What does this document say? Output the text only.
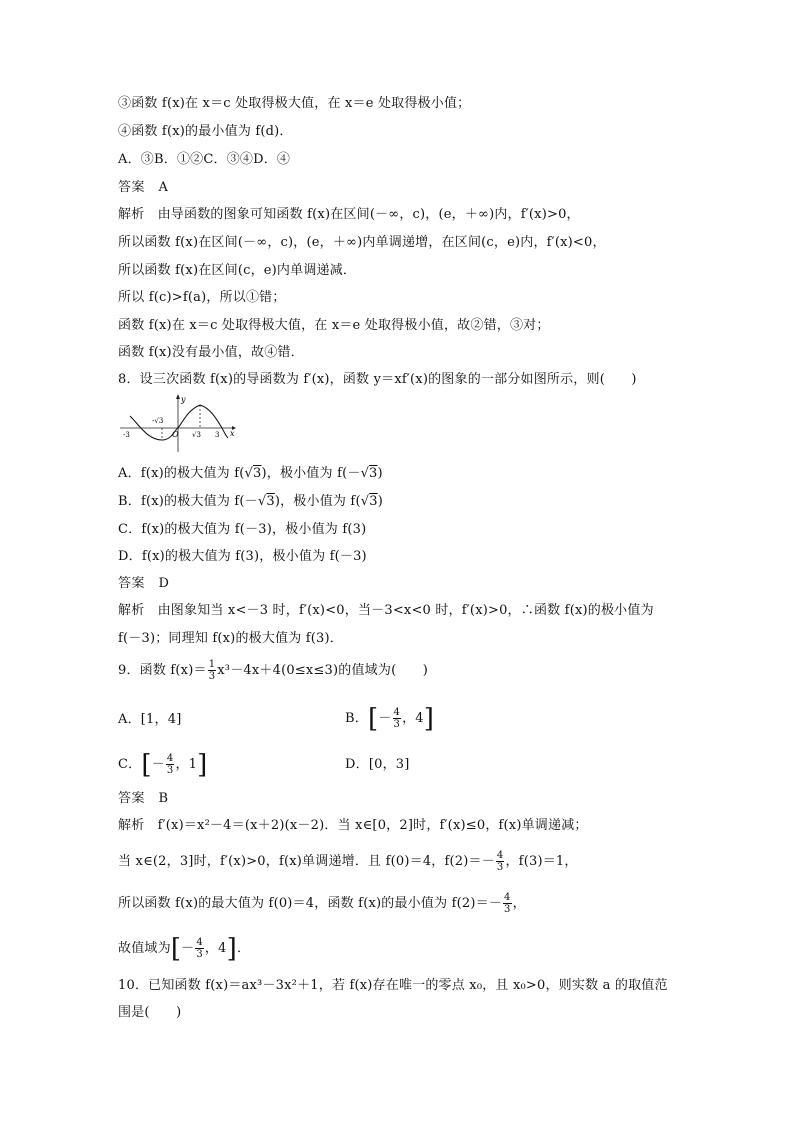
③函数 f(x)在 x＝c 处取得极大值，在 x＝e 处取得极小值；
④函数 f(x)的最小值为 f(d)．
A．③B．①②C．③④D．④
答案　A
解析　由导函数的图象可知函数 f(x)在区间(－∞，c)，(e，＋∞)内，f′(x)>0，
所以函数 f(x)在区间(－∞，c)，(e，＋∞)内单调递增，在区间(c，e)内，f′(x)<0，
所以函数 f(x)在区间(c，e)内单调递减．
所以 f(c)>f(a)，所以①错；
函数 f(x)在 x＝c 处取得极大值，在 x＝e 处取得极小值，故②错，③对；
函数 f(x)没有最小值，故④错．
8．设三次函数 f(x)的导函数为 f′(x)，函数 y＝xf′(x)的图象的一部分如图所示，则(　　)
y
x
O
-3
-√3
√3 3
A．f(x)的极大值为 f(√3)，极小值为 f(－√3)
B．f(x)的极大值为 f(－√3)，极小值为 f(√3)
C．f(x)的极大值为 f(－3)，极小值为 f(3)
D．f(x)的极大值为 f(3)，极小值为 f(－3)
答案　D
解析　由图象知当 x<－3 时，f′(x)<0，当－3<x<0 时，f′(x)>0，∴函数 f(x)的极小值为
f(－3)；同理知 f(x)的极大值为 f(3)．
9．函数 $f(x)= \frac{1}{3} x^3-4x+4(0\le x\le 3)$的值域为(　　)
A．[1，4]	B．[－ $\frac{4}{3}$ ，4]
C．[－ $\frac{4}{3}$ ，1]	D．[0，3]
答案　B
解析　f′(x)＝x²－4＝(x＋2)(x－2)．当 x∈[0，2]时，f′(x)≤0，f(x)单调递减；
当 x∈(2，3]时，f′(x)>0，f(x)单调递增．且 f(0)＝4，$f(2)=- \frac{4}{3}$ ，f(3)＝1，
所以函数 f(x)的最大值为 f(0)＝4，函数 f(x)的最小值为 $f(2)=- \frac{4}{3}$ ，
故值域为[－ $\frac{4}{3}$ ，4]．
10．已知函数 f(x)＝ax³－3x²＋1，若 f(x)存在唯一的零点 x₀，且 x₀>0，则实数 a 的取值范
围是(　　)
